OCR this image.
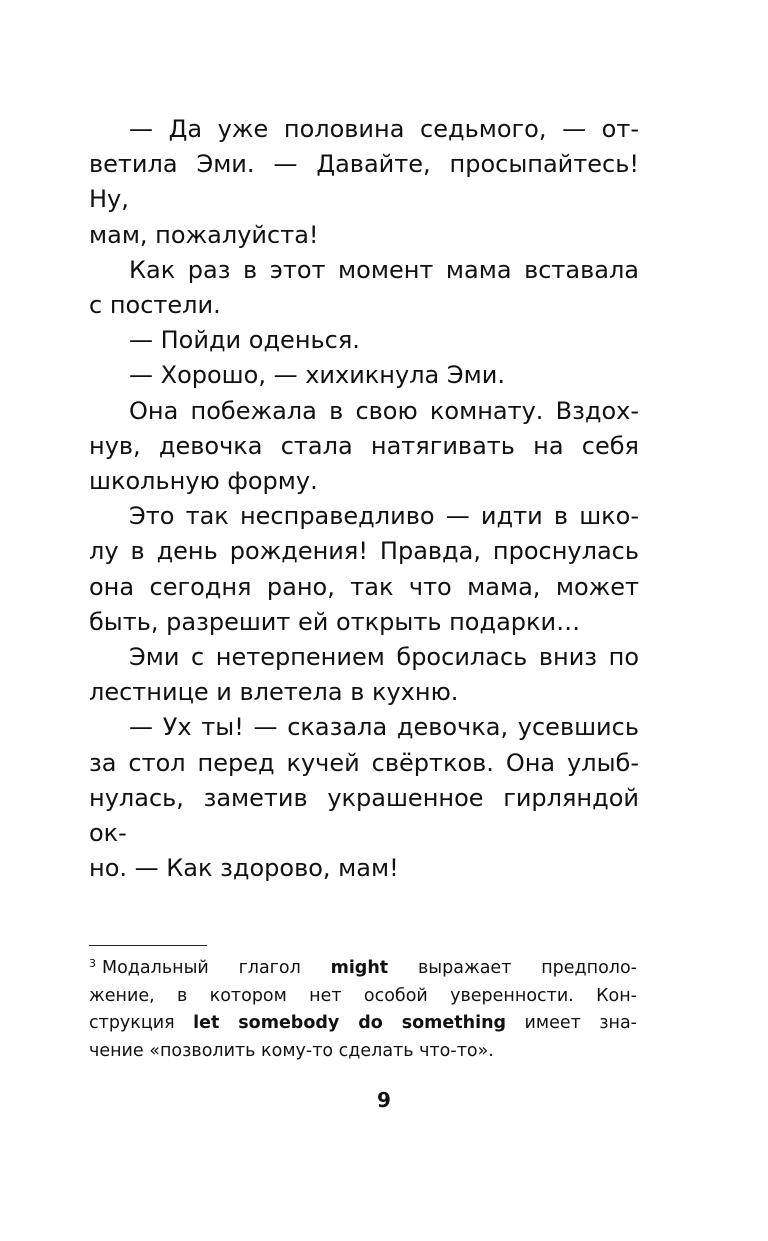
— Да уже половина седьмого, — от-
ветила Эми. — Давайте, просыпайтесь! Ну,
мам, пожалуйста!
Как раз в этот момент мама вставала
с постели.
— Пойди оденься.
— Хорошо, — хихикнула Эми.
Она побежала в свою комнату. Вздох-
нув, девочка стала натягивать на себя
школьную форму.
Это так несправедливо — идти в шко-
лу в день рождения! Правда, проснулась
она сегодня рано, так что мама, может
быть, разрешит ей открыть подарки…
Эми с нетерпением бросилась вниз по
лестнице и влетела в кухню.
— Ух ты! — сказала девочка, усевшись
за стол перед кучей свёртков. Она улыб-
нулась, заметив украшенное гирляндой ок-
но. — Как здорово, мам!
$^3$ Модальный глагол might выражает предполо-
жение, в котором нет особой уверенности. Кон-
струкция let somebody do something имеет зна-
чение «позволить кому-то сделать что-то».
9
